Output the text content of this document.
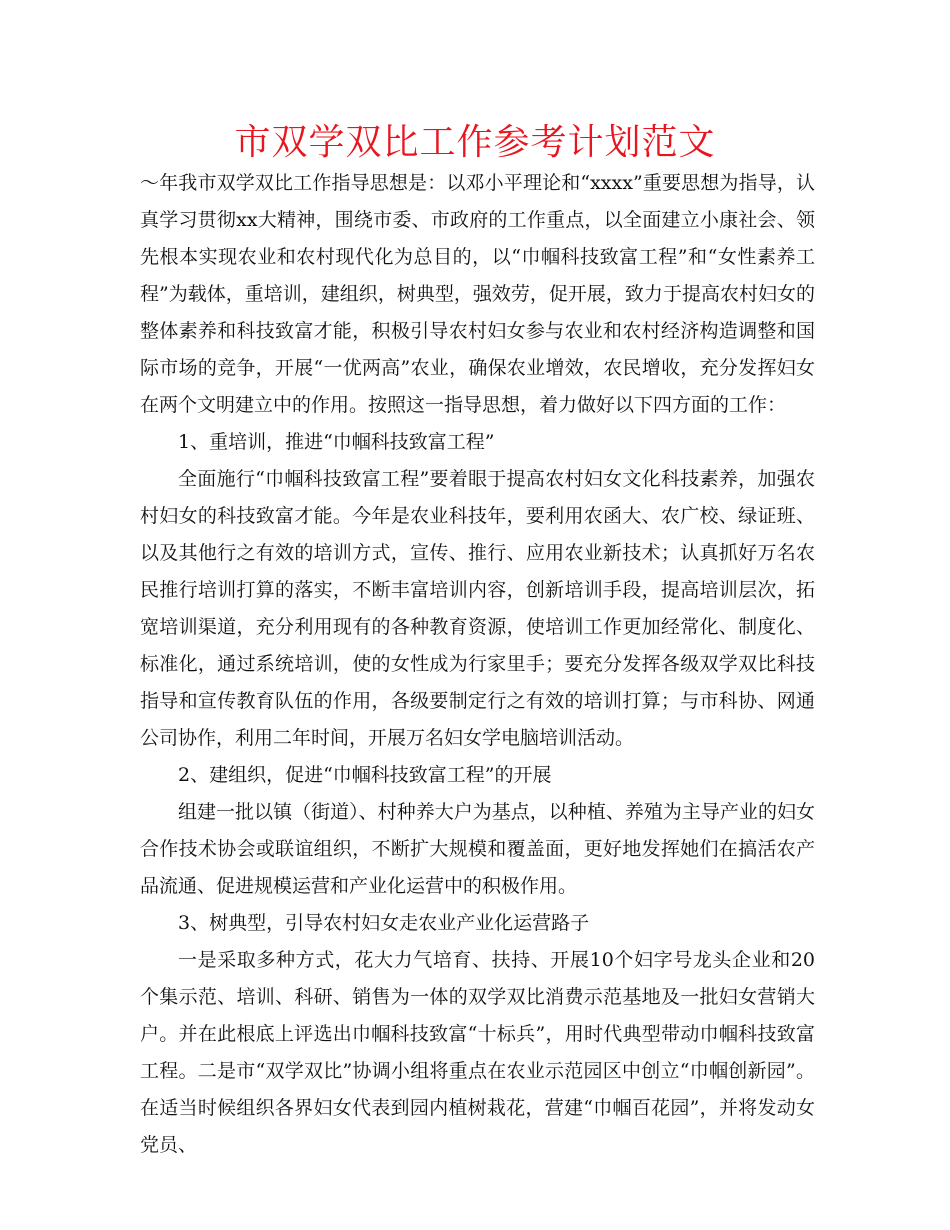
市双学双比工作参考计划范文

～年我市双学双比工作指导思想是：以邓小平理论和“xxxx”重要思想为指导，认真学习贯彻xx大精神，围绕市委、市政府的工作重点，以全面建立小康社会、领先根本实现农业和农村现代化为总目的，以“巾帼科技致富工程”和“女性素养工程”为载体，重培训，建组织，树典型，强效劳，促开展，致力于提高农村妇女的整体素养和科技致富才能，积极引导农村妇女参与农业和农村经济构造调整和国际市场的竞争，开展“一优两高”农业，确保农业增效，农民增收，充分发挥妇女在两个文明建立中的作用。按照这一指导思想，着力做好以下四方面的工作：

1、重培训，推进“巾帼科技致富工程”

全面施行“巾帼科技致富工程”要着眼于提高农村妇女文化科技素养，加强农村妇女的科技致富才能。今年是农业科技年，要利用农函大、农广校、绿证班、以及其他行之有效的培训方式，宣传、推行、应用农业新技术；认真抓好万名农民推行培训打算的落实，不断丰富培训内容，创新培训手段，提高培训层次，拓宽培训渠道，充分利用现有的各种教育资源，使培训工作更加经常化、制度化、标准化，通过系统培训，使的女性成为行家里手；要充分发挥各级双学双比科技指导和宣传教育队伍的作用，各级要制定行之有效的培训打算；与市科协、网通公司协作，利用二年时间，开展万名妇女学电脑培训活动。

2、建组织，促进“巾帼科技致富工程”的开展

组建一批以镇（街道）、村种养大户为基点，以种植、养殖为主导产业的妇女合作技术协会或联谊组织，不断扩大规模和覆盖面，更好地发挥她们在搞活农产品流通、促进规模运营和产业化运营中的积极作用。

3、树典型，引导农村妇女走农业产业化运营路子

一是采取多种方式，花大力气培育、扶持、开展10个妇字号龙头企业和20个集示范、培训、科研、销售为一体的双学双比消费示范基地及一批妇女营销大户。并在此根底上评选出巾帼科技致富“十标兵”，用时代典型带动巾帼科技致富工程。二是市“双学双比”协调小组将重点在农业示范园区中创立“巾帼创新园”。在适当时候组织各界妇女代表到园内植树栽花，营建“巾帼百花园”，并将发动女党员、
